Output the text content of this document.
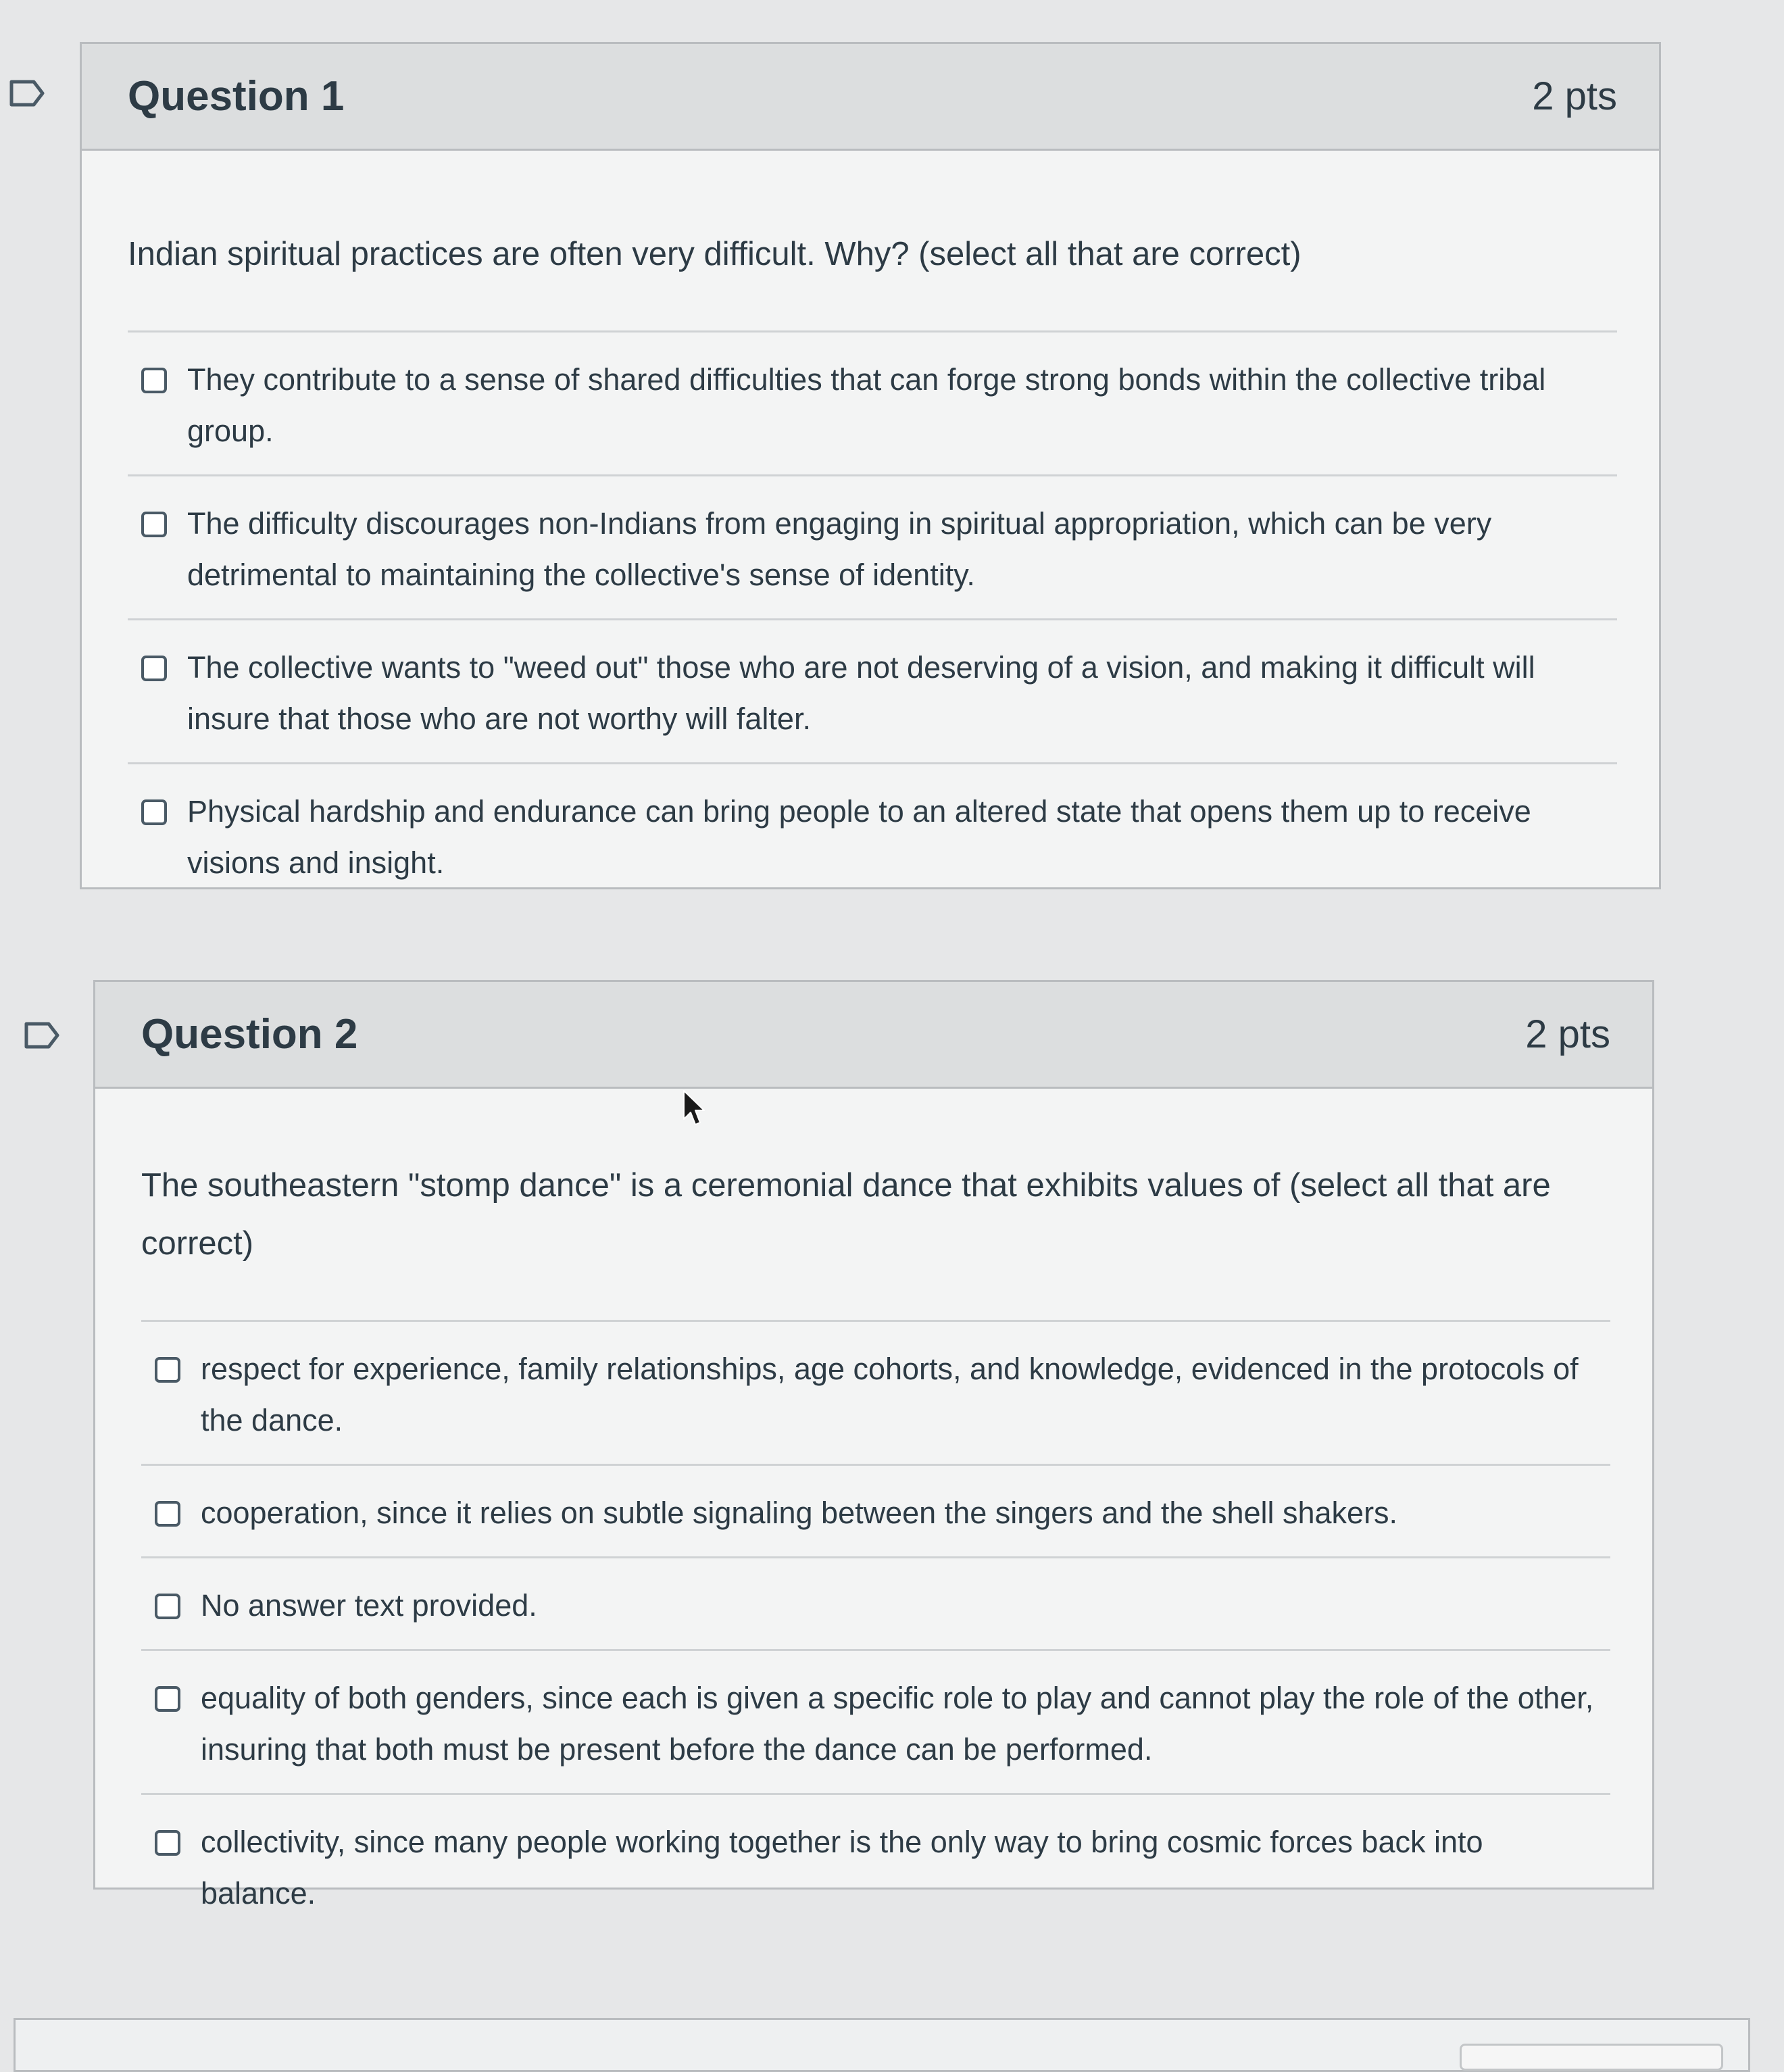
Question 1	2 pts

Indian spiritual practices are often very difficult. Why? (select all that are correct)

They contribute to a sense of shared difficulties that can forge strong bonds within the collective tribal group.
The difficulty discourages non-Indians from engaging in spiritual appropriation, which can be very detrimental to maintaining the collective's sense of identity.
The collective wants to "weed out" those who are not deserving of a vision, and making it difficult will insure that those who are not worthy will falter.
Physical hardship and endurance can bring people to an altered state that opens them up to receive visions and insight.
Question 2	2 pts

The southeastern "stomp dance" is a ceremonial dance that exhibits values of (select all that are correct)

respect for experience, family relationships, age cohorts, and knowledge, evidenced in the protocols of the dance.
cooperation, since it relies on subtle signaling between the singers and the shell shakers.
No answer text provided.
equality of both genders, since each is given a specific role to play and cannot play the role of the other, insuring that both must be present before the dance can be performed.
collectivity, since many people working together is the only way to bring cosmic forces back into balance.
